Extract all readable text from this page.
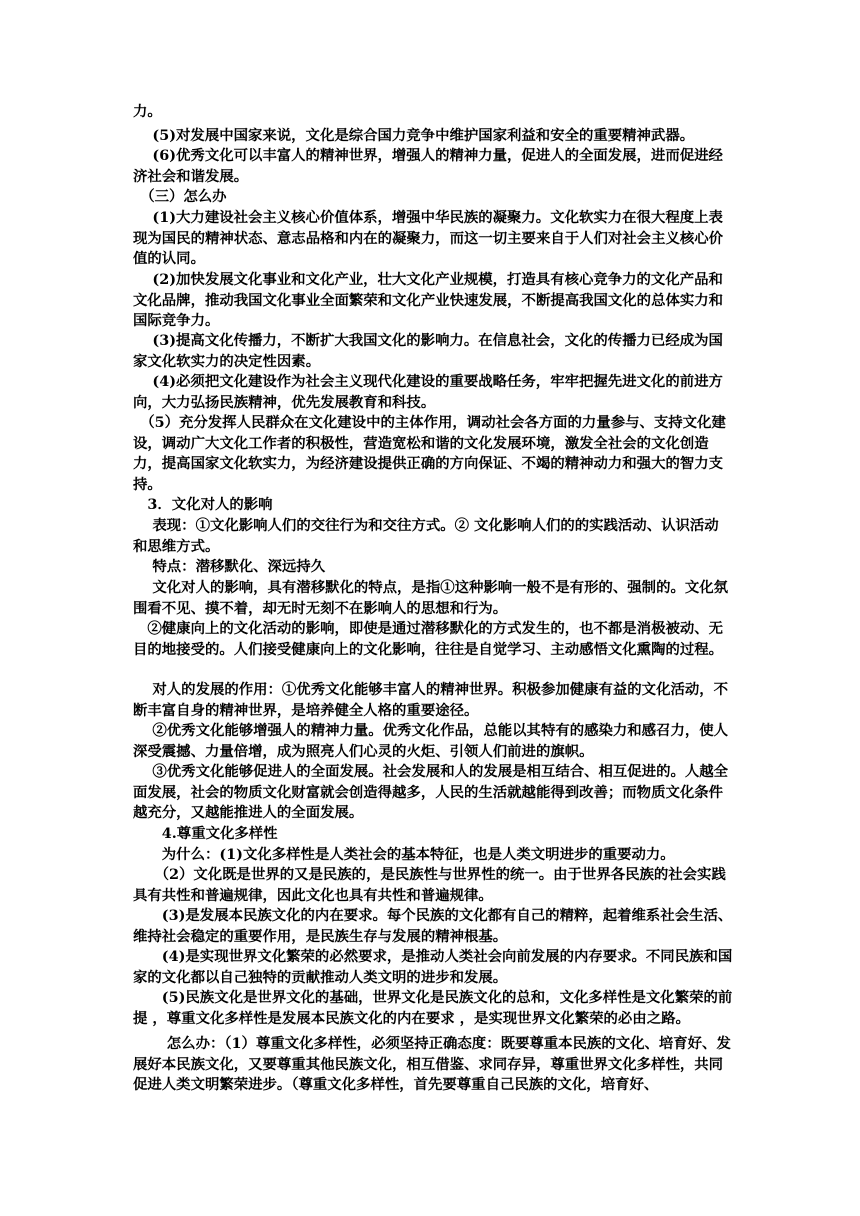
力。

　 (5)对发展中国家来说，文化是综合国力竞争中维护国家利益和安全的重要精神武器。

　 (6)优秀文化可以丰富人的精神世界，增强人的精神力量，促进人的全面发展，进而促进经济社会和谐发展。

　（三）怎么办

　 (1)大力建设社会主义核心价值体系，增强中华民族的凝聚力。文化软实力在很大程度上表现为国民的精神状态、意志品格和内在的凝聚力，而这一切主要来自于人们对社会主义核心价值的认同。

　 (2)加快发展文化事业和文化产业，壮大文化产业规模，打造具有核心竞争力的文化产品和文化品牌，推动我国文化事业全面繁荣和文化产业快速发展，不断提高我国文化的总体实力和国际竞争力。

　 (3)提高文化传播力，不断扩大我国文化的影响力。在信息社会，文化的传播力已经成为国家文化软实力的决定性因素。

　 (4)必须把文化建设作为社会主义现代化建设的重要战略任务，牢牢把握先进文化的前进方向，大力弘扬民族精神，优先发展教育和科技。

　（5）充分发挥人民群众在文化建设中的主体作用，调动社会各方面的力量参与、支持文化建设，调动广大文化工作者的积极性，营造宽松和谐的文化发展环境，激发全社会的文化创造力，提高国家文化软实力，为经济建设提供正确的方向保证、不竭的精神动力和强大的智力支持。

　3．文化对人的影响

　 表现：①文化影响人们的交往行为和交往方式。② 文化影响人们的的实践活动、认识活动和思维方式。

　 特点：潜移默化、深远持久

　 文化对人的影响，具有潜移默化的特点，是指①这种影响一般不是有形的、强制的。文化氛围看不见、摸不着，却无时无刻不在影响人的思想和行为。

　②健康向上的文化活动的影响，即使是通过潜移默化的方式发生的，也不都是消极被动、无目的地接受的。人们接受健康向上的文化影响，往往是自觉学习、主动感悟文化熏陶的过程。

　 对人的发展的作用：①优秀文化能够丰富人的精神世界。积极参加健康有益的文化活动，不断丰富自身的精神世界，是培养健全人格的重要途径。

　 ②优秀文化能够增强人的精神力量。优秀文化作品，总能以其特有的感染力和感召力，使人深受震撼、力量倍增，成为照亮人们心灵的火炬、引领人们前进的旗帜。

　 ③优秀文化能够促进人的全面发展。社会发展和人的发展是相互结合、相互促进的。人越全面发展，社会的物质文化财富就会创造得越多，人民的生活就越能得到改善；而物质文化条件越充分，又越能推进人的全面发展。

　　4.尊重文化多样性

　　为什么：(1)文化多样性是人类社会的基本特征，也是人类文明进步的重要动力。

　　（2）文化既是世界的又是民族的，是民族性与世界性的统一。由于世界各民族的社会实践具有共性和普遍规律，因此文化也具有共性和普遍规律。

　　(3)是发展本民族文化的内在要求。每个民族的文化都有自己的精粹，起着维系社会生活、维持社会稳定的重要作用，是民族生存与发展的精神根基。

　　(4)是实现世界文化繁荣的必然要求，是推动人类社会向前发展的内存要求。不同民族和国家的文化都以自己独特的贡献推动人类文明的进步和发展。

　　(5)民族文化是世界文化的基础，世界文化是民族文化的总和，文化多样性是文化繁荣的前提 ，尊重文化多样性是发展本民族文化的内在要求 ，是实现世界文化繁荣的必由之路。

　　 怎么办：（1）尊重文化多样性，必须坚持正确态度：既要尊重本民族的文化、培育好、发展好本民族文化，又要尊重其他民族文化，相互借鉴、求同存异，尊重世界文化多样性，共同促进人类文明繁荣进步。（尊重文化多样性，首先要尊重自己民族的文化，培育好、
